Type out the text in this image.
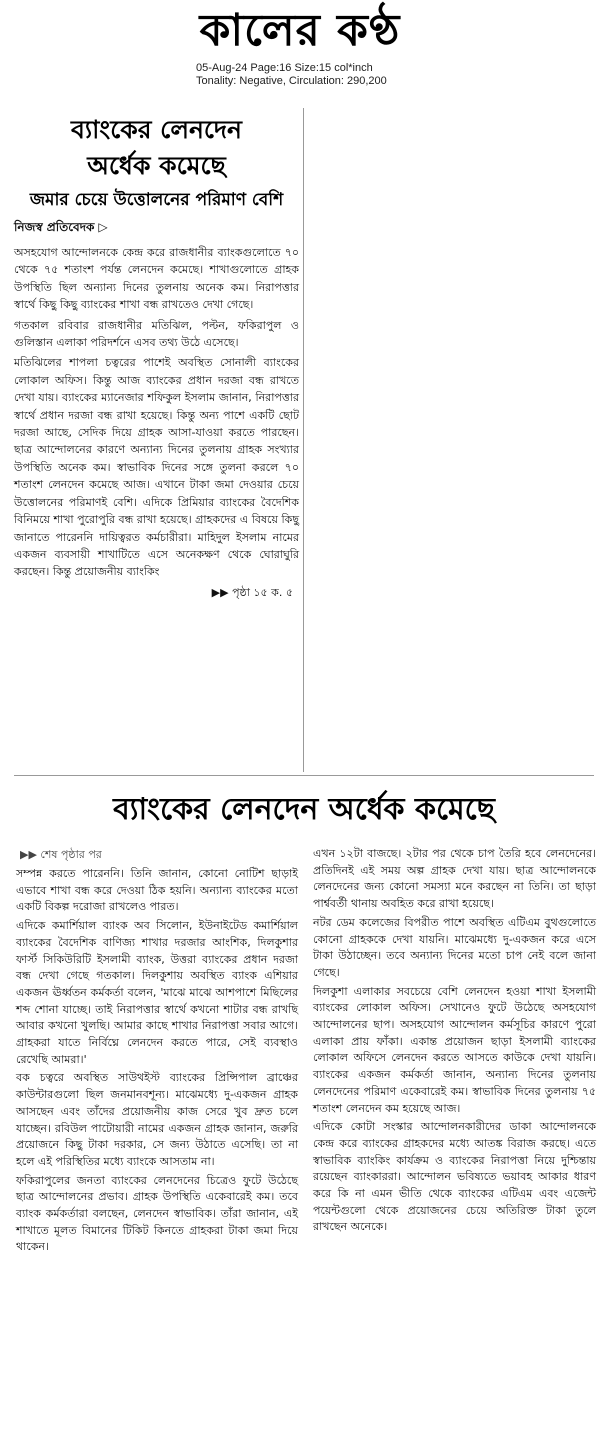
কালের কণ্ঠ
05-Aug-24 Page:16 Size:15 col*inch
Tonality: Negative, Circulation: 290,200
ব্যাংকের লেনদেন
অর্ধেক কমেছে
জমার চেয়ে উত্তোলনের পরিমাণ বেশি
নিজস্ব প্রতিবেদক ▷

অসহযোগ আন্দোলনকে কেন্দ্র করে রাজধানীর ব্যাংকগুলোতে ৭০ থেকে ৭৫ শতাংশ পর্যন্ত লেনদেন কমেছে। শাখাগুলোতে গ্রাহক উপস্থিতি ছিল অন্যান্য দিনের তুলনায় অনেক কম। নিরাপত্তার স্বার্থে কিছু কিছু ব্যাংকের শাখা বন্ধ রাখতেও দেখা গেছে।

গতকাল রবিবার রাজধানীর মতিঝিল, পল্টন, ফকিরাপুল ও গুলিস্তান এলাকা পরিদর্শনে এসব তথ্য উঠে এসেছে।

মতিঝিলের শাপলা চত্বরের পাশেই অবস্থিত সোনালী ব্যাংকের লোকাল অফিস। কিন্তু আজ ব্যাংকের প্রধান দরজা বন্ধ রাখতে দেখা যায়। ব্যাংকের ম্যানেজার শফিকুল ইসলাম জানান, নিরাপত্তার স্বার্থে প্রধান দরজা বন্ধ রাখা হয়েছে। কিন্তু অন্য পাশে একটি ছোট দরজা আছে, সেদিক দিয়ে গ্রাহক আসা-যাওয়া করতে পারছেন। ছাত্র আন্দোলনের কারণে অন্যান্য দিনের তুলনায় গ্রাহক সংখ্যার উপস্থিতি অনেক কম। স্বাভাবিক দিনের সঙ্গে তুলনা করলে ৭০ শতাংশ লেনদেন কমেছে আজ। এখানে টাকা জমা দেওয়ার চেয়ে উত্তোলনের পরিমাণই বেশি। এদিকে প্রিমিয়ার ব্যাংকের বৈদেশিক বিনিময়ে শাখা পুরোপুরি বন্ধ রাখা হয়েছে। গ্রাহকদের এ বিষয়ে কিছু জানাতে পারেননি দায়িত্বরত কর্মচারীরা। মাহিদুল ইসলাম নামের একজন ব্যবসায়ী শাখাটিতে এসে অনেকক্ষণ থেকে ঘোরাঘুরি করছেন। কিন্তু প্রয়োজনীয় ব্যাংকিং

▶▶ পৃষ্ঠা ১৫ ক. ৫
ব্যাংকের লেনদেন অর্ধেক কমেছে
▶▶ শেষ পৃষ্ঠার পর

সম্পন্ন করতে পারেননি। তিনি জানান, কোনো নোটিশ ছাড়াই এভাবে শাখা বন্ধ করে দেওয়া ঠিক হয়নি। অন্যান্য ব্যাংকের মতো একটি বিকল্প দরোজা রাখলেও পারত।

এদিকে কমার্শিয়াল ব্যাংক অব সিলোন, ইউনাইটেড কমার্শিয়াল ব্যাংকের বৈদেশিক বাণিজ্য শাখার দরজার আংশিক, দিলকুশার ফার্স্ট সিকিউরিটি ইসলামী ব্যাংক, উত্তরা ব্যাংকের প্রধান দরজা বন্ধ দেখা গেছে গতকাল। দিলকুশায় অবস্থিত ব্যাংক এশিয়ার একজন ঊর্ধ্বতন কর্মকর্তা বলেন, 'মাঝে মাঝে আশপাশে মিছিলের শব্দ শোনা যাচ্ছে। তাই নিরাপত্তার স্বার্থে কখনো শাটার বন্ধ রাখছি আবার কখনো খুলছি। আমার কাছে শাখার নিরাপত্তা সবার আগে। গ্রাহকরা যাতে নির্বিঘ্নে লেনদেন করতে পারে, সেই ব্যবস্থাও রেখেছি আমরা।'

বক চত্বরে অবস্থিত সাউথইস্ট ব্যাংকের প্রিন্সিপাল ব্রাঞ্চের কাউন্টারগুলো ছিল জনমানবশূন্য। মাঝেমধ্যে দু-একজন গ্রাহক আসছেন এবং তাঁদের প্রয়োজনীয় কাজ সেরে খুব দ্রুত চলে যাচ্ছেন। রবিউল পাটোয়ারী নামের একজন গ্রাহক জানান, জরুরি প্রয়োজনে কিছু টাকা দরকার, সে জন্য উঠাতে এসেছি। তা না হলে এই পরিস্থিতির মধ্যে ব্যাংকে আসতাম না।

ফকিরাপুলের জনতা ব্যাংকের লেনদেনের চিত্রেও ফুটে উঠেছে ছাত্র আন্দোলনের প্রভাব। গ্রাহক উপস্থিতি একেবারেই কম। তবে ব্যাংক কর্মকর্তারা বলছেন, লেনদেন স্বাভাবিক। তাঁরা জানান, এই শাখাতে মূলত বিমানের টিকিট কিনতে গ্রাহকরা টাকা জমা দিয়ে থাকেন।

এখন ১২টা বাজছে। ২টার পর থেকে চাপ তৈরি হবে লেনদেনের। প্রতিদিনই এই সময় অল্প গ্রাহক দেখা যায়। ছাত্র আন্দোলনকে লেনদেনের জন্য কোনো সমস্যা মনে করছেন না তিনি। তা ছাড়া পার্শ্ববর্তী থানায় অবহিত করে রাখা হয়েছে।

নটর ডেম কলেজের বিপরীত পাশে অবস্থিত এটিএম বুথগুলোতে কোনো গ্রাহককে দেখা যায়নি। মাঝেমধ্যে দু-একজন করে এসে টাকা উঠাচ্ছেন। তবে অন্যান্য দিনের মতো চাপ নেই বলে জানা গেছে।

দিলকুশা এলাকার সবচেয়ে বেশি লেনদেন হওয়া শাখা ইসলামী ব্যাংকের লোকাল অফিস। সেখানেও ফুটে উঠেছে অসহযোগ আন্দোলনের ছাপ। অসহযোগ আন্দোলন কর্মসূচির কারণে পুরো এলাকা প্রায় ফাঁকা। একান্ত প্রয়োজন ছাড়া ইসলামী ব্যাংকের লোকাল অফিসে লেনদেন করতে আসতে কাউকে দেখা যায়নি। ব্যাংকের একজন কর্মকর্তা জানান, অন্যান্য দিনের তুলনায় লেনদেনের পরিমাণ একেবারেই কম। স্বাভাবিক দিনের তুলনায় ৭৫ শতাংশ লেনদেন কম হয়েছে আজ।

এদিকে কোটা সংস্কার আন্দোলনকারীদের ডাকা আন্দোলনকে কেন্দ্র করে ব্যাংকের গ্রাহকদের মধ্যে আতঙ্ক বিরাজ করছে। এতে স্বাভাবিক ব্যাংকিং কার্যক্রম ও ব্যাংকের নিরাপত্তা নিয়ে দুশ্চিন্তায় রয়েছেন ব্যাংকাররা। আন্দোলন ভবিষ্যতে ভয়াবহ আকার ধারণ করে কি না এমন ভীতি থেকে ব্যাংকের এটিএম এবং এজেন্ট পয়েন্টগুলো থেকে প্রয়োজনের চেয়ে অতিরিক্ত টাকা তুলে রাখছেন অনেকে।
